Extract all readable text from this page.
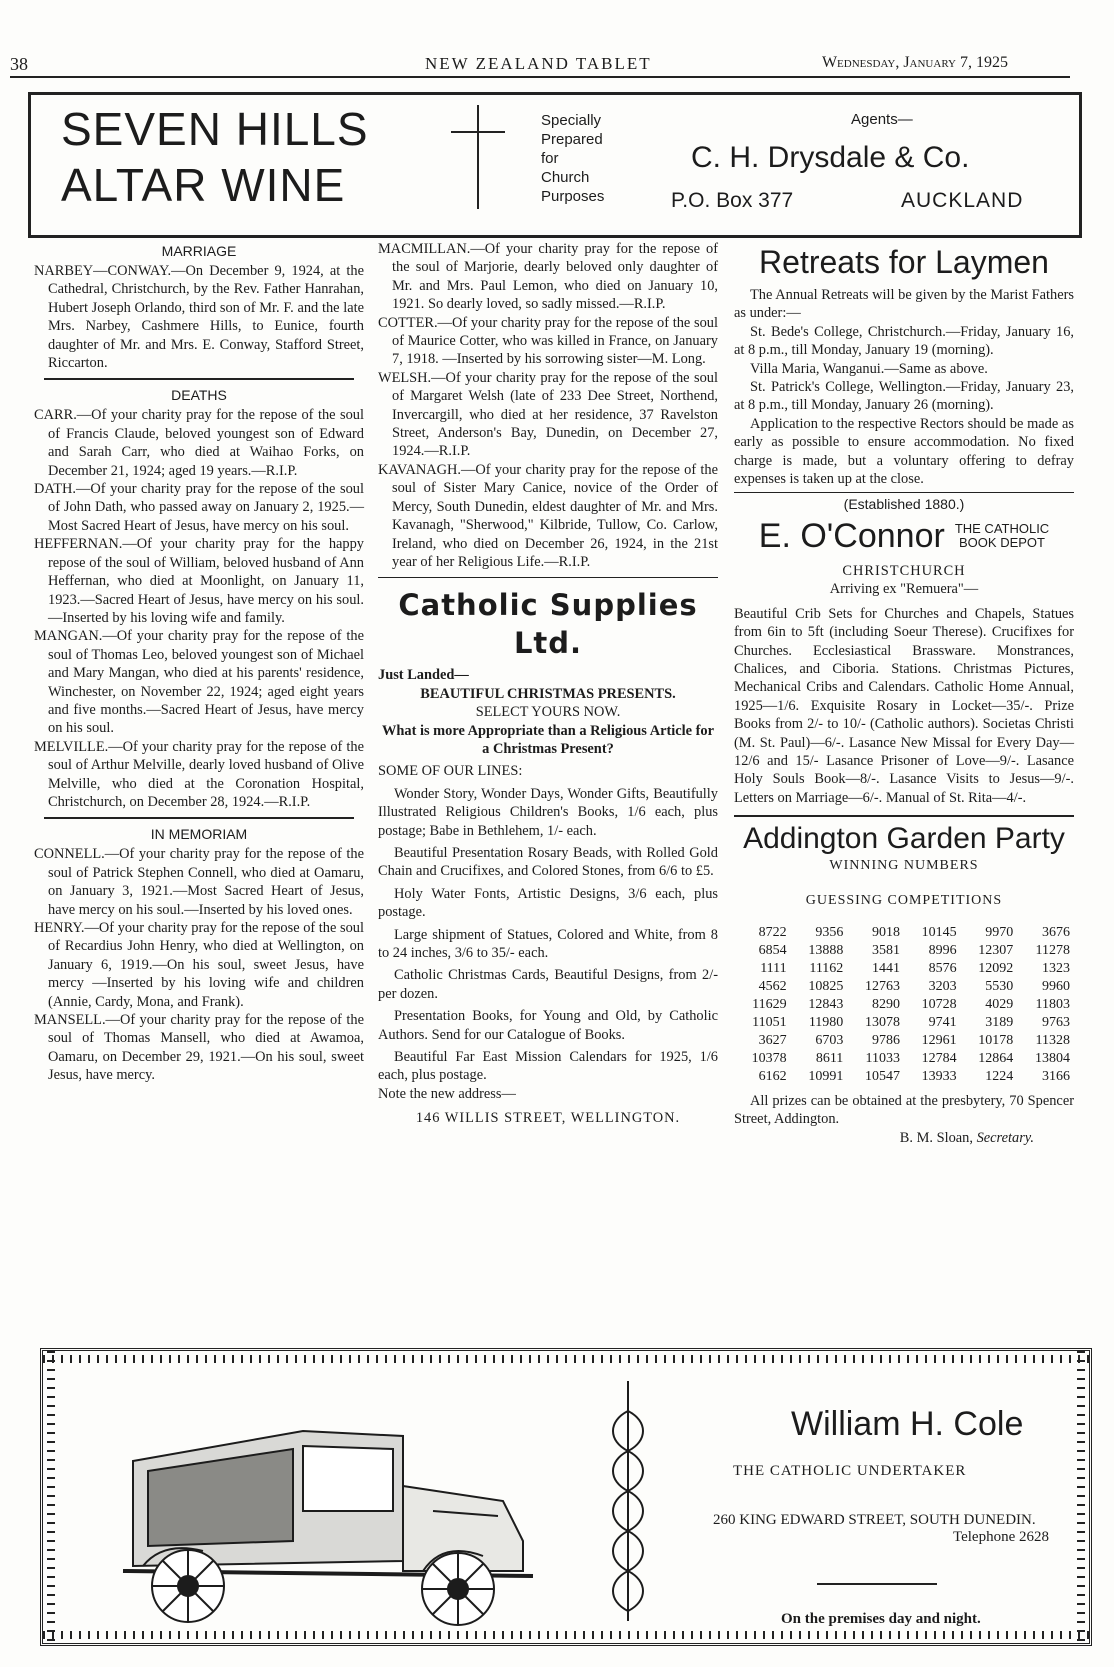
38	NEW ZEALAND TABLET	Wednesday, January 7, 1925
SEVEN HILLS
ALTAR WINE
Specially
Prepared
for
Church
Purposes
Agents—
C. H. Drysdale & Co.
P.O. Box 377	AUCKLAND
MARRIAGE

NARBEY—CONWAY.—On December 9, 1924, at the Cathedral, Christchurch, by the Rev. Father Hanrahan, Hubert Joseph Orlando, third son of Mr. F. and the late Mrs. Narbey, Cashmere Hills, to Eunice, fourth daughter of Mr. and Mrs. E. Conway, Stafford Street, Riccarton.

DEATHS

CARR.—Of your charity pray for the repose of the soul of Francis Claude, beloved youngest son of Edward and Sarah Carr, who died at Waihao Forks, on December 21, 1924; aged 19 years.—R.I.P.

DATH.—Of your charity pray for the repose of the soul of John Dath, who passed away on January 2, 1925.—Most Sacred Heart of Jesus, have mercy on his soul.

HEFFERNAN.—Of your charity pray for the happy repose of the soul of William, beloved husband of Ann Heffernan, who died at Moonlight, on January 11, 1923.—Sacred Heart of Jesus, have mercy on his soul.—Inserted by his loving wife and family.

MANGAN.—Of your charity pray for the repose of the soul of Thomas Leo, beloved youngest son of Michael and Mary Mangan, who died at his parents' residence, Winchester, on November 22, 1924; aged eight years and five months.—Sacred Heart of Jesus, have mercy on his soul.

MELVILLE.—Of your charity pray for the repose of the soul of Arthur Melville, dearly loved husband of Olive Melville, who died at the Coronation Hospital, Christchurch, on December 28, 1924.—R.I.P.

IN MEMORIAM

CONNELL.—Of your charity pray for the repose of the soul of Patrick Stephen Connell, who died at Oamaru, on January 3, 1921.—Most Sacred Heart of Jesus, have mercy on his soul.—Inserted by his loved ones.

HENRY.—Of your charity pray for the repose of the soul of Recardius John Henry, who died at Wellington, on January 6, 1919.—On his soul, sweet Jesus, have mercy —Inserted by his loving wife and children (Annie, Cardy, Mona, and Frank).

MANSELL.—Of your charity pray for the repose of the soul of Thomas Mansell, who died at Awamoa, Oamaru, on December 29, 1921.—On his soul, sweet Jesus, have mercy.

MACMILLAN.—Of your charity pray for the repose of the soul of Marjorie, dearly beloved only daughter of Mr. and Mrs. Paul Lemon, who died on January 10, 1921. So dearly loved, so sadly missed.—R.I.P.

COTTER.—Of your charity pray for the repose of the soul of Maurice Cotter, who was killed in France, on January 7, 1918. —Inserted by his sorrowing sister—M. Long.

WELSH.—Of your charity pray for the repose of the soul of Margaret Welsh (late of 233 Dee Street, Northend, Invercargill, who died at her residence, 37 Ravelston Street, Anderson's Bay, Dunedin, on December 27, 1924.—R.I.P.

KAVANAGH.—Of your charity pray for the repose of the soul of Sister Mary Canice, novice of the Order of Mercy, South Dunedin, eldest daughter of Mr. and Mrs. Kavanagh, "Sherwood," Kilbride, Tullow, Co. Carlow, Ireland, who died on December 26, 1924, in the 21st year of her Religious Life.—R.I.P.

Catholic Supplies Ltd.

Just Landed—

BEAUTIFUL CHRISTMAS PRESENTS.

SELECT YOURS NOW.

What is more Appropriate than a Religious Article for a Christmas Present?

SOME OF OUR LINES:

Wonder Story, Wonder Days, Wonder Gifts, Beautifully Illustrated Religious Children's Books, 1/6 each, plus postage; Babe in Bethlehem, 1/- each.

Beautiful Presentation Rosary Beads, with Rolled Gold Chain and Crucifixes, and Colored Stones, from 6/6 to £5.

Holy Water Fonts, Artistic Designs, 3/6 each, plus postage.

Large shipment of Statues, Colored and White, from 8 to 24 inches, 3/6 to 35/- each.

Catholic Christmas Cards, Beautiful Designs, from 2/- per dozen.

Presentation Books, for Young and Old, by Catholic Authors. Send for our Catalogue of Books.

Beautiful Far East Mission Calendars for 1925, 1/6 each, plus postage.

Note the new address—

146 WILLIS STREET, WELLINGTON.

Retreats for Laymen

The Annual Retreats will be given by the Marist Fathers as under:—

St. Bede's College, Christchurch.—Friday, January 16, at 8 p.m., till Monday, January 19 (morning).

Villa Maria, Wanganui.—Same as above.

St. Patrick's College, Wellington.—Friday, January 23, at 8 p.m., till Monday, January 26 (morning).

Application to the respective Rectors should be made as early as possible to ensure accommodation. No fixed charge is made, but a voluntary offering to defray expenses is taken up at the close.

(Established 1880.)
E. O'Connor THE CATHOLIC
BOOK DEPOT

CHRISTCHURCH

Arriving ex "Remuera"—

Beautiful Crib Sets for Churches and Chapels, Statues from 6in to 5ft (including Soeur Therese). Crucifixes for Churches. Ecclesiastical Brassware. Monstrances, Chalices, and Ciboria. Stations. Christmas Pictures, Mechanical Cribs and Calendars. Catholic Home Annual, 1925—1/6. Exquisite Rosary in Locket—35/-. Prize Books from 2/- to 10/- (Catholic authors). Societas Christi (M. St. Paul)—6/-. Lasance New Missal for Every Day—12/6 and 15/- Lasance Prisoner of Love—9/-. Lasance Holy Souls Book—8/-. Lasance Visits to Jesus—9/-. Letters on Marriage—6/-. Manual of St. Rita—4/-.

Addington Garden Party
WINNING NUMBERS
GUESSING COMPETITIONS
8722	9356	9018	10145	9970	3676
6854	13888	3581	8996	12307	11278
1111	11162	1441	8576	12092	1323
4562	10825	12763	3203	5530	9960
11629	12843	8290	10728	4029	11803
11051	11980	13078	9741	3189	9763
3627	6703	9786	12961	10178	11328
10378	8611	11033	12784	12864	13804
6162	10991	10547	13933	1224	3166

All prizes can be obtained at the presbytery, 70 Spencer Street, Addington.

B. M. Sloan, Secretary.

William H. Cole
THE CATHOLIC UNDERTAKER
260 KING EDWARD STREET, SOUTH DUNEDIN.
Telephone 2628
On the premises day and night.
